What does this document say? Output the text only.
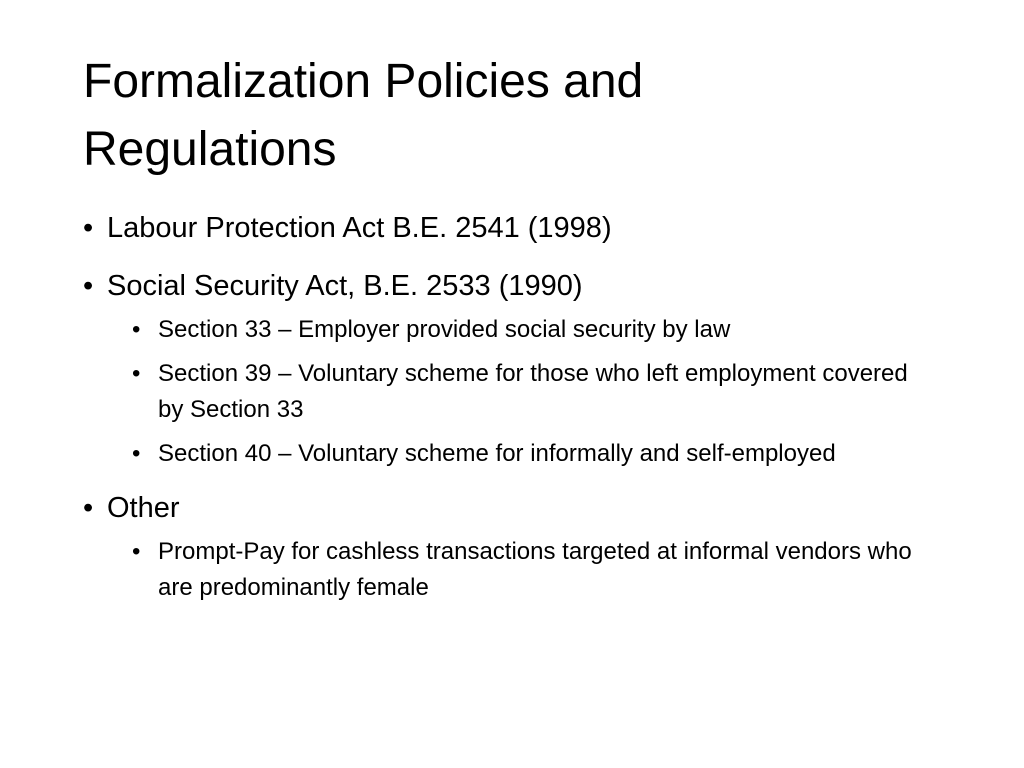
Formalization Policies and
Regulations
• Labour Protection Act B.E. 2541 (1998)
• Social Security Act, B.E. 2533 (1990)
• Section 33 – Employer provided social security by law
• Section 39 – Voluntary scheme for those who left employment covered by Section 33
• Section 40 – Voluntary scheme for informally and self-employed
• Other
• Prompt-Pay for cashless transactions targeted at informal vendors who are predominantly female
